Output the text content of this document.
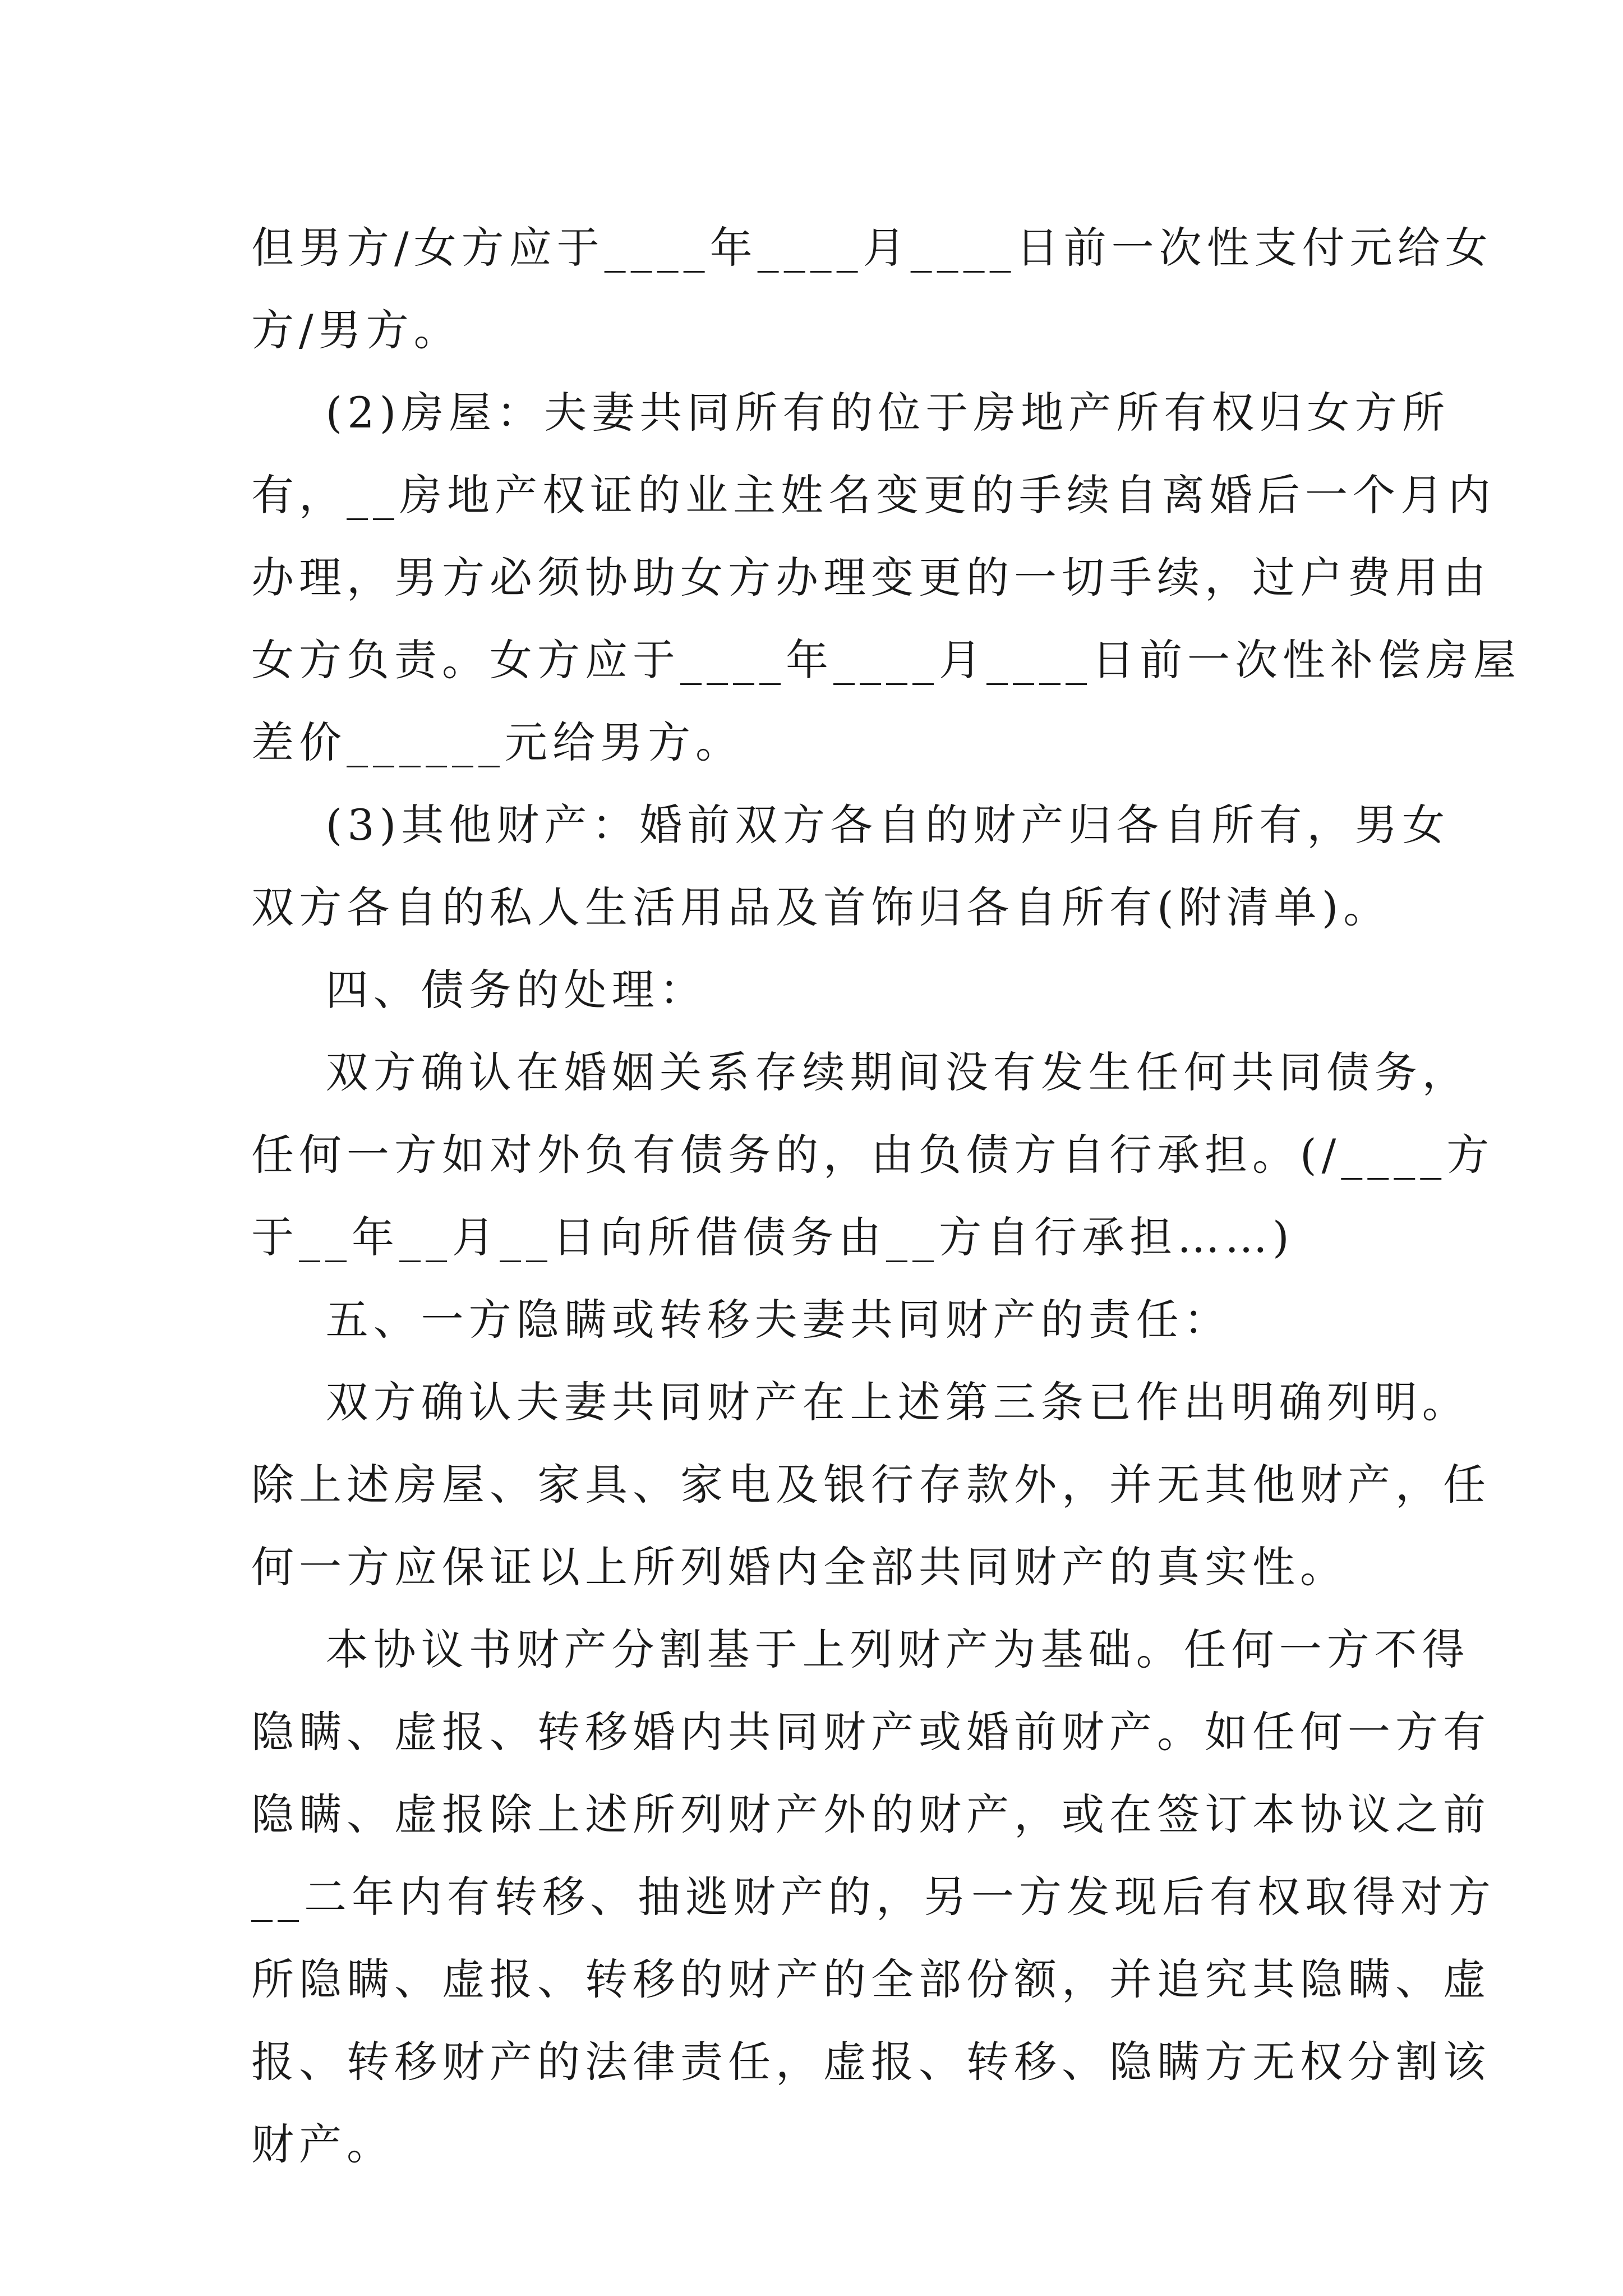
但男方/女方应于____年____月____日前一次性支付元给女
方/男方。
(2)房屋：夫妻共同所有的位于房地产所有权归女方所
有，__房地产权证的业主姓名变更的手续自离婚后一个月内
办理，男方必须协助女方办理变更的一切手续，过户费用由
女方负责。女方应于____年____月____日前一次性补偿房屋
差价______元给男方。
(3)其他财产：婚前双方各自的财产归各自所有，男女
双方各自的私人生活用品及首饰归各自所有(附清单)。
四、债务的处理：
双方确认在婚姻关系存续期间没有发生任何共同债务，
任何一方如对外负有债务的，由负债方自行承担。(/____方
于__年__月__日向所借债务由__方自行承担……)
五、一方隐瞒或转移夫妻共同财产的责任：
双方确认夫妻共同财产在上述第三条已作出明确列明。
除上述房屋、家具、家电及银行存款外，并无其他财产，任
何一方应保证以上所列婚内全部共同财产的真实性。
本协议书财产分割基于上列财产为基础。任何一方不得
隐瞒、虚报、转移婚内共同财产或婚前财产。如任何一方有
隐瞒、虚报除上述所列财产外的财产，或在签订本协议之前
__二年内有转移、抽逃财产的，另一方发现后有权取得对方
所隐瞒、虚报、转移的财产的全部份额，并追究其隐瞒、虚
报、转移财产的法律责任，虚报、转移、隐瞒方无权分割该
财产。
